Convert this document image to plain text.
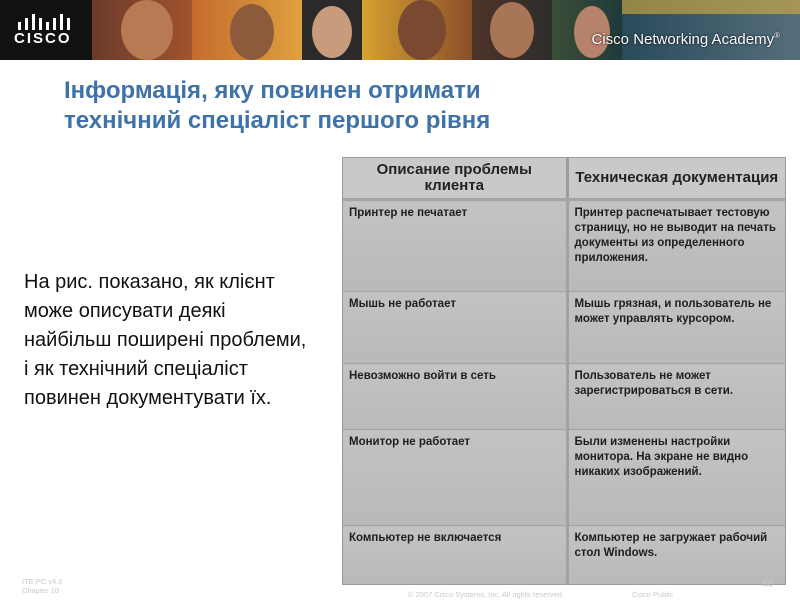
CISCO	Cisco Networking Academy®
Інформація, яку повинен отримати
технічний спеціаліст першого рівня

На рис. показано, як клієнт може описувати деякі найбільш поширені проблеми, і як технічний спеціаліст повинен документувати їх.

Описание проблемы клиента	Техническая документация
Принтер не печатает	Принтер распечатывает тестовую страницу, но не выводит на печать документы из определенного приложения.
Мышь не работает	Мышь грязная, и пользователь не может управлять курсором.
Невозможно войти в сеть	Пользователь не может зарегистрироваться в сети.
Монитор не работает	Были изменены настройки монитора. На экране не видно никаких изображений.
Компьютер не включается	Компьютер не загружает рабочий стол Windows.
ITE PC v4.0
Chapter 10	© 2007 Cisco Systems, Inc. All rights reserved.	Cisco Public
44
